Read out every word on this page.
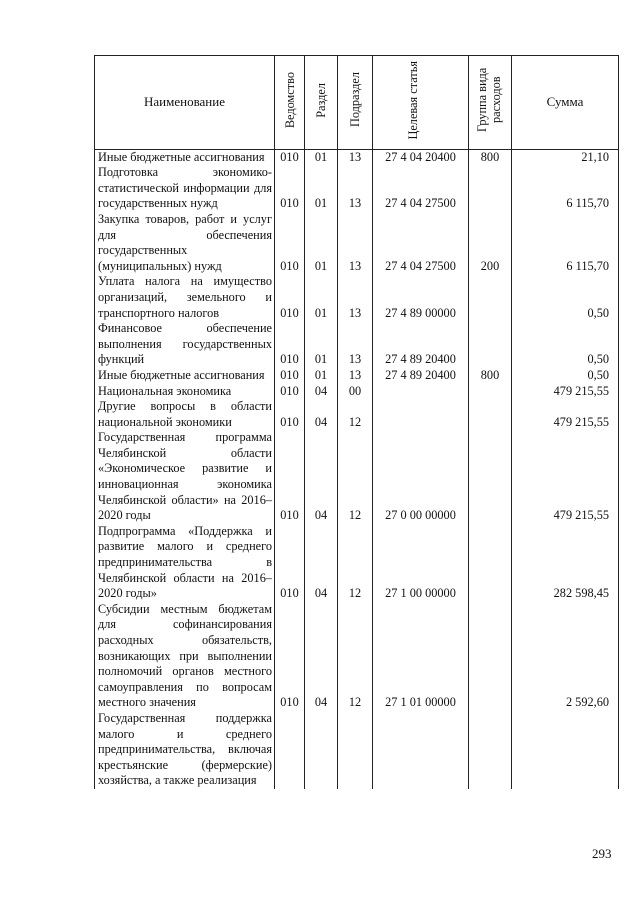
Наименование	Ведомство	Раздел	Подраздел	Целевая статья	Группа вида расходов	Сумма
Иные бюджетные ассигнования	010	01	13	27 4 04 20400	800	21,10
Подготовка экономико-статистической информации для государственных нужд	010	01	13	27 4 04 27500		6 115,70
Закупка товаров, работ и услуг для обеспечения государственных (муниципальных) нужд	010	01	13	27 4 04 27500	200	6 115,70
Уплата налога на имущество организаций, земельного и транспортного налогов	010	01	13	27 4 89 00000		0,50
Финансовое обеспечение выполнения государственных функций	010	01	13	27 4 89 20400		0,50
Иные бюджетные ассигнования	010	01	13	27 4 89 20400	800	0,50
Национальная экономика	010	04	00			479 215,55
Другие вопросы в области национальной экономики	010	04	12			479 215,55
Государственная программа Челябинской области «Экономическое развитие и инновационная экономика Челябинской области» на 2016–2020 годы	010	04	12	27 0 00 00000		479 215,55
Подпрограмма «Поддержка и развитие малого и среднего предпринимательства в Челябинской области на 2016–2020 годы»	010	04	12	27 1 00 00000		282 598,45
Субсидии местным бюджетам для софинансирования расходных обязательств, возникающих при выполнении полномочий органов местного самоуправления по вопросам местного значения	010	04	12	27 1 01 00000		2 592,60
Государственная поддержка малого и среднего предпринимательства, включая крестьянские (фермерские) хозяйства, а также реализация						
293
